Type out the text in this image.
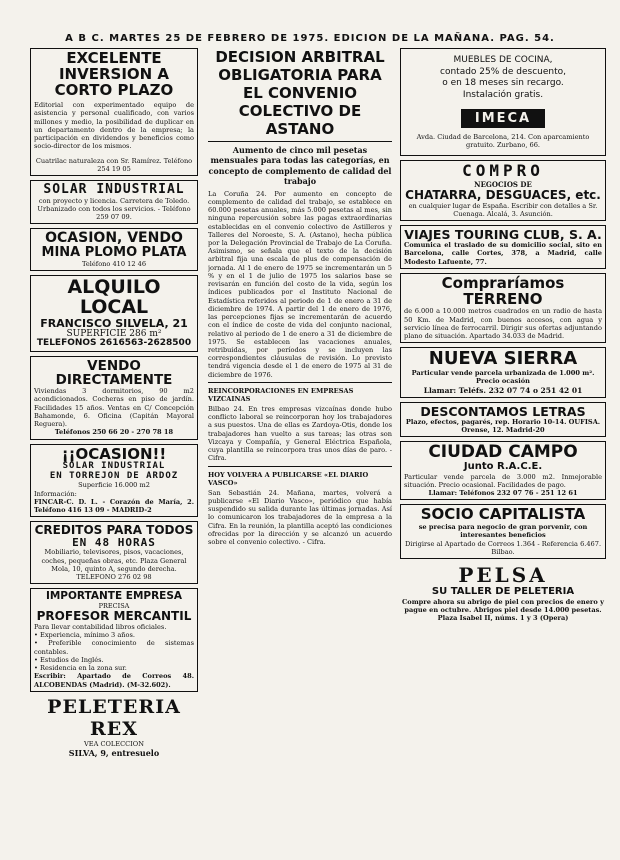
A B C. MARTES 25 DE FEBRERO DE 1975. EDICION DE LA MAÑANA. PAG. 54.
EXCELENTE INVERSION A CORTO PLAZO
Editorial con experimentado equipo de asistencia y personal cualificado, con varios millones y medio, la posibilidad de duplicar en un departamento dentro de la empresa; la participación en dividendos y beneficios como socio-director de los mismos.
Cuatrilac naturaleza con Sr. Ramírez. Teléfono 254 19 05
SOLAR INDUSTRIAL
con proyecto y licencia. Carretera de Toledo. Urbanizado con todos los servicios. - Teléfono 259 07 09.
OCASION, VENDO
MINA PLOMO PLATA
Teléfono 410 12 46
ALQUILO LOCAL
FRANCISCO SILVELA, 21
SUPERFICIE 286 m²
TELEFONOS 2616563-2628500
VENDO DIRECTAMENTE
Viviendas 3 dormitorios, 90 m2 acondicionados. Cocheras en piso de jardín. Facilidades 15 años. Ventas en C/ Concepción Bahamonde, 6. Oficina (Capitán Mayoral Reguera).
Teléfonos 250 66 20 - 270 78 18
¡¡OCASION!!
SOLAR INDUSTRIAL
EN TORREJON DE ARDOZ
Superficie 16.000 m2
Información:
FINCAR-C. D. L. - Corazón de María, 2. Teléfono 416 13 09 - MADRID-2
CREDITOS PARA TODOS
EN 48 HORAS
Mobiliario, televisores, pisos, vacaciones, coches, pequeñas obras, etc. Plaza General Mola, 10, quinto A, segundo derecha.
TELEFONO 276 02 98
IMPORTANTE EMPRESA
PRECISA
PROFESOR MERCANTIL
Para llevar contabilidad libros oficiales.
• Experiencia, mínimo 3 años.
• Preferible conocimiento de sistemas contables.
• Estudios de Inglés.
• Residencia en la zona sur.
Escribir: Apartado de Correos 48. ALCOBENDAS (Madrid). (M-32.602).
PELETERIA REX
VEA COLECCION
SILVA, 9, entresuelo
DECISION ARBITRAL OBLIGATORIA PARA EL CONVENIO COLECTIVO DE ASTANO
Aumento de cinco mil pesetas mensuales para todas las categorías, en concepto de complemento de calidad del trabajo
La Coruña 24. Por aumento en concepto de complemento de calidad del trabajo, se establece en 60.000 pesetas anuales, más 5.000 pesetas al mes, sin ninguna repercusión sobre las pagas extraordinarias establecidas en el convenio colectivo de Astilleros y Talleres del Noroeste, S. A. (Astano), hecha pública por la Delegación Provincial de Trabajo de La Coruña. Asimismo, se señala que el texto de la decisión arbitral fija una escala de plus de compensación de jornada. Al 1 de enero de 1975 se incrementarán un 5 % y en el 1 de julio de 1975 los salarios base se revisarán en función del costo de la vida, según los índices publicados por el Instituto Nacional de Estadística referidos al periodo de 1 de enero a 31 de diciembre de 1974. A partir del 1 de enero de 1976, las percepciones fijas se incrementarán de acuerdo con el índice de coste de vida del conjunto nacional, relativo al periodo de 1 de enero a 31 de diciembre de 1975. Se establecen las vacaciones anuales, retribuidas, por períodos y se incluyen las correspondientes cláusulas de revisión. Lo previsto tendrá vigencia desde el 1 de enero de 1975 al 31 de diciembre de 1976.
REINCORPORACIONES EN EMPRESAS VIZCAINAS
Bilbao 24. En tres empresas vizcaínas donde hubo conflicto laboral se reincorporan hoy los trabajadores a sus puestos. Una de ellas es Zardoya-Otis, donde los trabajadores han vuelto a sus tareas; las otras son Vizcaya y Compañía, y General Eléctrica Española, cuya plantilla se reincorpora tras unos días de paro. - Cifra.
HOY VOLVERA A PUBLICARSE «EL DIARIO VASCO»
San Sebastián 24. Mañana, martes, volverá a publicarse «El Diario Vasco», periódico que había suspendido su salida durante las últimas jornadas. Así lo comunicaron los trabajadores de la empresa a la Cifra. En la reunión, la plantilla aceptó las condiciones ofrecidas por la dirección y se alcanzó un acuerdo sobre el convenio colectivo. - Cifra.
MUEBLES DE COCINA,
contado 25% de descuento,
o en 18 meses sin recargo.
Instalación gratis.
IMECA
Avda. Ciudad de Barcelona, 214. Con aparcamiento gratuito. Zurbano, 66.
COMPRO
NEGOCIOS DE
CHATARRA, DESGUACES, etc.
en cualquier lugar de España. Escribir con detalles a Sr. Cuenaga. Alcalá, 3. Asunción.
VIAJES TOURING CLUB, S. A.
Comunica el traslado de su domicilio social, sito en Barcelona, calle Cortes, 378, a Madrid, calle Modesto Lafuente, 77.
Compraríamos TERRENO
de 6.000 a 10.000 metros cuadrados en un radio de hasta 50 Km. de Madrid, con buenos accesos, con agua y servicio línea de ferrocarril. Dirigir sus ofertas adjuntando plano de situación. Apartado 34.033 de Madrid.
NUEVA SIERRA
Particular vende parcela urbanizada de 1.000 m². Precio ocasión
Llamar: Teléfs. 232 07 74 o 251 42 01
DESCONTAMOS LETRAS
Plazo, efectos, pagarés, rep. Horario 10-14. OUFISA. Orense, 12. Madrid-20
CIUDAD CAMPO
Junto R.A.C.E.
Particular vende parcela de 3.000 m2. Inmejorable situación. Precio ocasional. Facilidades de pago.
Llamar: Teléfonos 232 07 76 - 251 12 61
SOCIO CAPITALISTA
se precisa para negocio de gran porvenir, con interesantes beneficios
Dirigirse al Apartado de Correos 1.364 - Referencia 6.467. Bilbao.
PELSA
SU TALLER DE PELETERIA
Compre ahora su abrigo de piel con precios de enero y pague en octubre. Abrigos piel desde 14.000 pesetas. Plaza Isabel II, núms. 1 y 3 (Opera)
